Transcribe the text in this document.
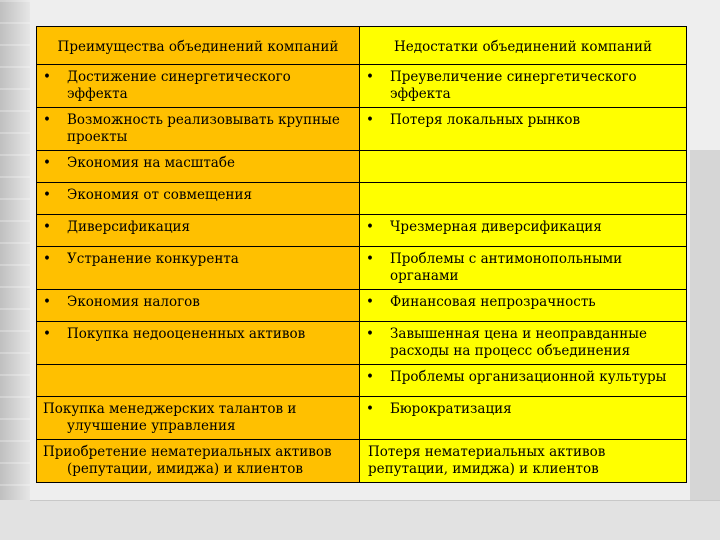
Преимущества объединений компаний	Недостатки объединений компаний

• Достижение синергетического эффекта	• Преувеличение синергетического эффекта

• Возможность реализовывать крупные проекты	• Потеря локальных рынков

• Экономия на масштабе	

• Экономия от совмещения	

• Диверсификация	• Чрезмерная диверсификация

• Устранение конкурента	• Проблемы с антимонопольными органами

• Экономия налогов	• Финансовая непрозрачность

• Покупка недооцененных активов	• Завышенная цена и неоправданные расходы на процесс объединения

	• Проблемы организационной культуры

Покупка менеджерских талантов и улучшение управления	• Бюрократизация

Приобретение нематериальных активов (репутации, имиджа) и клиентов	Потеря нематериальных активов репутации, имиджа) и клиентов
